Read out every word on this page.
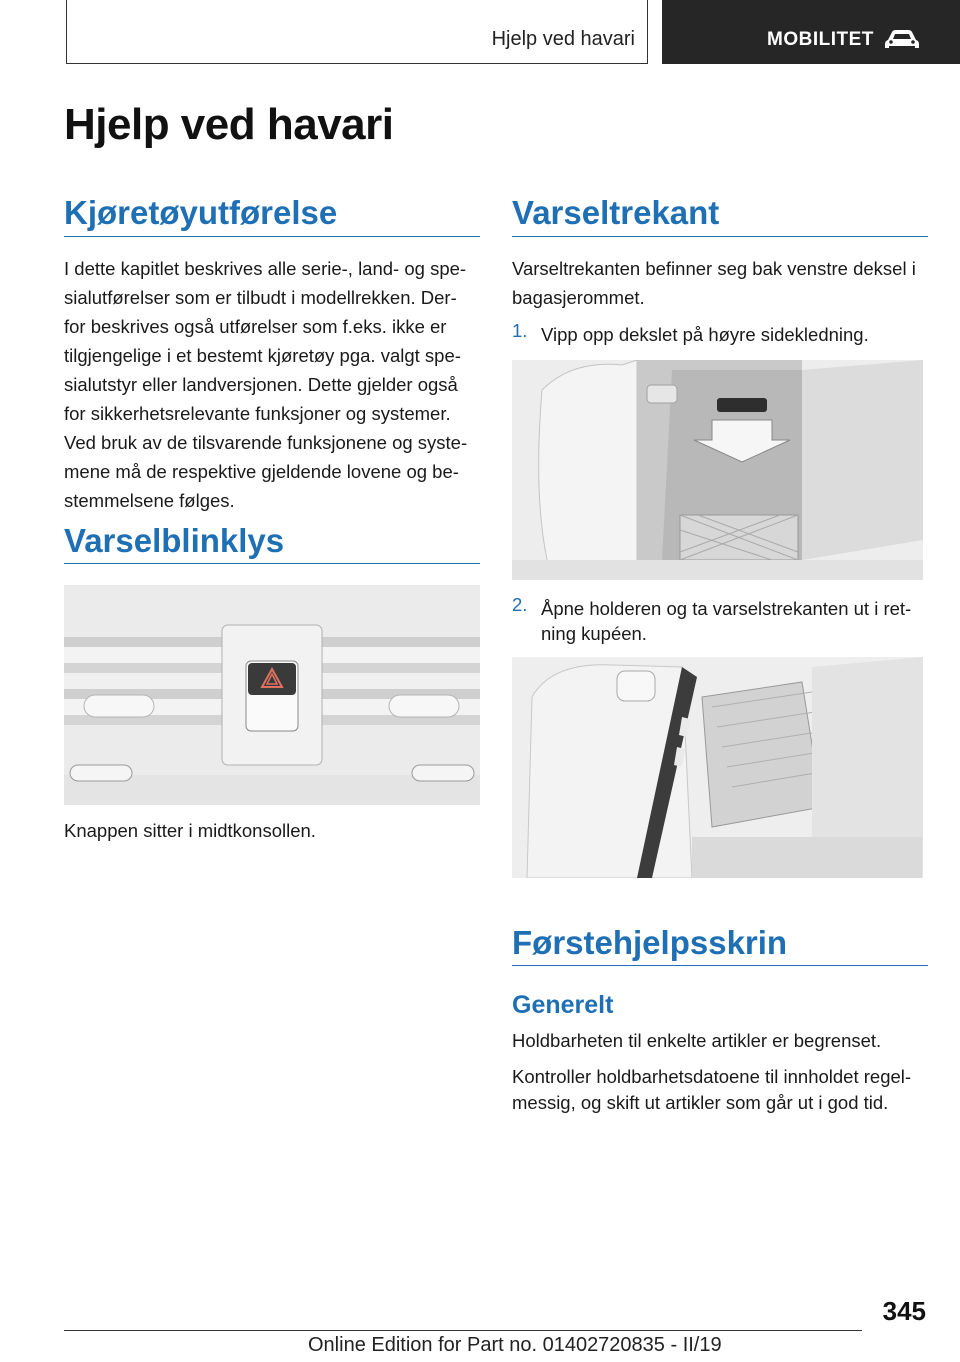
Hjelp ved havari	MOBILITET
Hjelp ved havari
Kjøretøyutførelse

I dette kapitlet beskrives alle serie-, land- og spe-

sialutførelser som er tilbudt i modellrekken. Der-

for beskrives også utførelser som f.eks. ikke er

tilgjengelige i et bestemt kjøretøy pga. valgt spe-

sialutstyr eller landversjonen. Dette gjelder også

for sikkerhetsrelevante funksjoner og systemer.

Ved bruk av de tilsvarende funksjonene og syste-

mene må de respektive gjeldende lovene og be-

stemmelsene følges.

Varselblinklys

Knappen sitter i midtkonsollen.

Varseltrekant

Varseltrekanten befinner seg bak venstre deksel i

bagasjerommet.

1. Vipp opp dekslet på høyre sidekledning.

2. Åpne holderen og ta varselstrekanten ut i ret-

ning kupéen.

Førstehjelpsskrin
Generelt

Holdbarheten til enkelte artikler er begrenset.

Kontroller holdbarhetsdatoene til innholdet regel-

messig, og skift ut artikler som går ut i god tid.

345
Online Edition for Part no. 01402720835 - II/19
